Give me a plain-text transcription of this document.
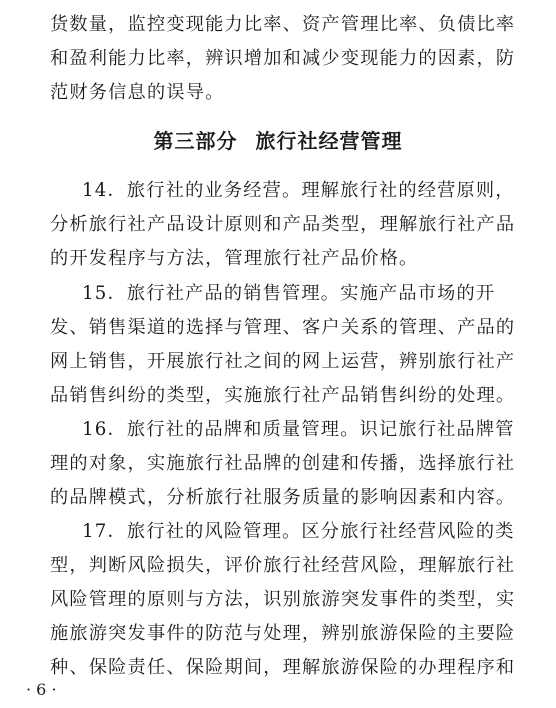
货数量，监控变现能力比率、资产管理比率、负债比率
和盈利能力比率，辨识增加和减少变现能力的因素，防
范财务信息的误导。
第三部分 旅行社经营管理
14．旅行社的业务经营。理解旅行社的经营原则，
分析旅行社产品设计原则和产品类型，理解旅行社产品
的开发程序与方法，管理旅行社产品价格。
15．旅行社产品的销售管理。实施产品市场的开
发、销售渠道的选择与管理、客户关系的管理、产品的
网上销售，开展旅行社之间的网上运营，辨别旅行社产
品销售纠纷的类型，实施旅行社产品销售纠纷的处理。
16．旅行社的品牌和质量管理。识记旅行社品牌管
理的对象，实施旅行社品牌的创建和传播，选择旅行社
的品牌模式，分析旅行社服务质量的影响因素和内容。
17．旅行社的风险管理。区分旅行社经营风险的类
型，判断风险损失，评价旅行社经营风险，理解旅行社
风险管理的原则与方法，识别旅游突发事件的类型，实
施旅游突发事件的防范与处理，辨别旅游保险的主要险
种、保险责任、保险期间，理解旅游保险的办理程序和
· 6 ·
